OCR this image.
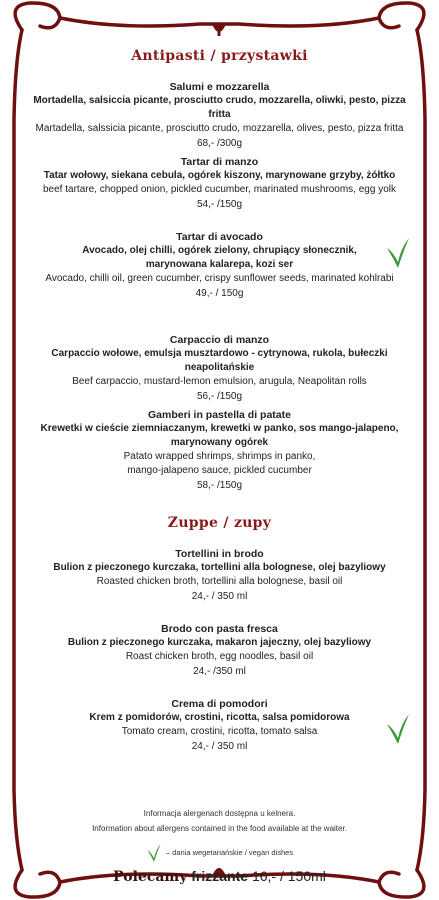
Antipasti / przystawki
Salumi e mozzarella
Mortadella, salsiccia picante, prosciutto crudo, mozzarella, oliwki, pesto, pizza fritta
Martadella, salssicia picante, prosciutto crudo, mozzarella, olives, pesto, pizza fritta
68,- /300g
Tartar di manzo
Tatar wołowy, siekana cebula, ogórek kiszony, marynowane grzyby, żółtko
beef tartare, chopped onion, pickled cucumber, marinated mushrooms, egg yolk
54,- /150g
Tartar di avocado
Avocado, olej chilli, ogórek zielony, chrupiący słonecznik,
marynowana kalarepa, kozi ser
Avocado, chilli oil, green cucumber, crispy sunflower seeds, marinated kohlrabi
49,- / 150g
Carpaccio di manzo
Carpaccio wołowe, emulsja musztardowo - cytrynowa, rukola, bułeczki neapolitańskie
Beef carpaccio, mustard-lemon emulsion, arugula, Neapolitan rolls
56,- /150g
Gamberi in pastella di patate
Krewetki w cieście ziemniaczanym, krewetki w panko, sos mango-jalapeno,
marynowany ogórek
Patato wrapped shrimps, shrimps in panko,
mango-jalapeno sauce, pickled cucumber
58,- /150g
Zuppe / zupy
Tortellini in brodo
Bulion z pieczonego kurczaka, tortellini alla bolognese, olej bazyliowy
Roasted chicken broth, tortellini alla bolognese, basil oil
24,- / 350 ml
Brodo con pasta fresca
Bulion z pieczonego kurczaka, makaron jajeczny, olej bazyliowy
Roast chicken broth, egg noodles, basil oil
24,- /350 ml
Crema di pomodori
Krem z pomidorów, crostini, ricotta, salsa pomidorowa
Tomato cream, crostini, ricotta, tomato salsa
24,- / 350 ml
Informacja alergenach dostępna u kelnera.
Information about allergens contained in the food available at the waiter.
– dania wegetariańskie / vegan dishes
Polecamy frizzante 16,- / 150ml
